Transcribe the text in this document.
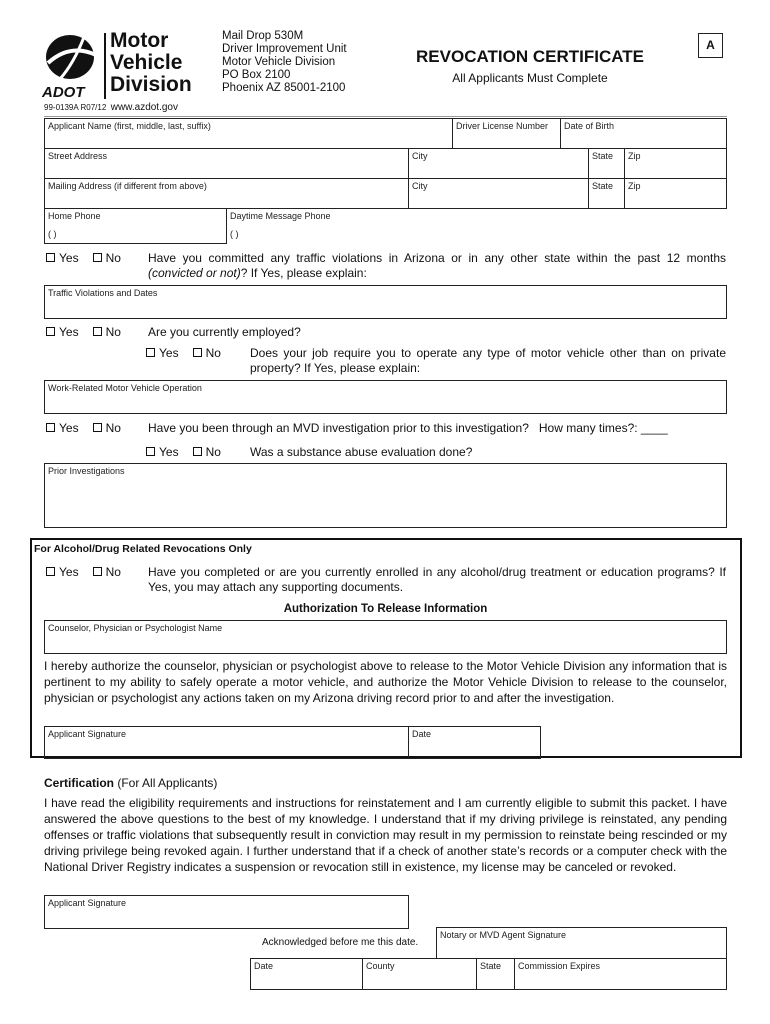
ADOT
Motor
Vehicle
Division
Mail Drop 530M
Driver Improvement Unit
Motor Vehicle Division
PO Box 2100
Phoenix AZ 85001-2100
REVOCATION CERTIFICATE
All Applicants Must Complete
A
99-0139A R07/12 www.azdot.gov
Applicant Name (first, middle, last, suffix)	Driver License Number Date of Birth
Street Address	City	State Zip
Mailing Address (if different from above)	City	State Zip
Home Phone
( )
Daytime Message Phone
( )
Yes No Have you committed any traffic violations in Arizona or in any other state within the past 12 months (convicted or not)? If Yes, please explain:
Traffic Violations and Dates
Yes No Are you currently employed?
Yes No Does your job require you to operate any type of motor vehicle other than on private property? If Yes, please explain:
Work-Related Motor Vehicle Operation
Yes No Have you been through an MVD investigation prior to this investigation?   How many times?: ____
Yes No Was a substance abuse evaluation done?
Prior Investigations
For Alcohol/Drug Related Revocations Only
Yes No Have you completed or are you currently enrolled in any alcohol/drug treatment or education programs? If Yes, you may attach any supporting documents.
Authorization To Release Information
Counselor, Physician or Psychologist Name
I hereby authorize the counselor, physician or psychologist above to release to the Motor Vehicle Division any information that is pertinent to my ability to safely operate a motor vehicle, and authorize the Motor Vehicle Division to release to the counselor, physician or psychologist any actions taken on my Arizona driving record prior to and after the investigation.
Applicant Signature	Date
Certification (For All Applicants)
I have read the eligibility requirements and instructions for reinstatement and I am currently eligible to submit this packet. I have answered the above questions to the best of my knowledge. I understand that if my driving privilege is reinstated, any pending offenses or traffic violations that subsequently result in conviction may result in my permission to reinstate being rescinded or my driving privilege being revoked again. I further understand that if a check of another state’s records or a computer check with the National Driver Registry indicates a suspension or revocation still in existence, my license may be canceled or revoked.
Applicant Signature
Acknowledged before me this date.
Notary or MVD Agent Signature
Date	County	State Commission Expires
